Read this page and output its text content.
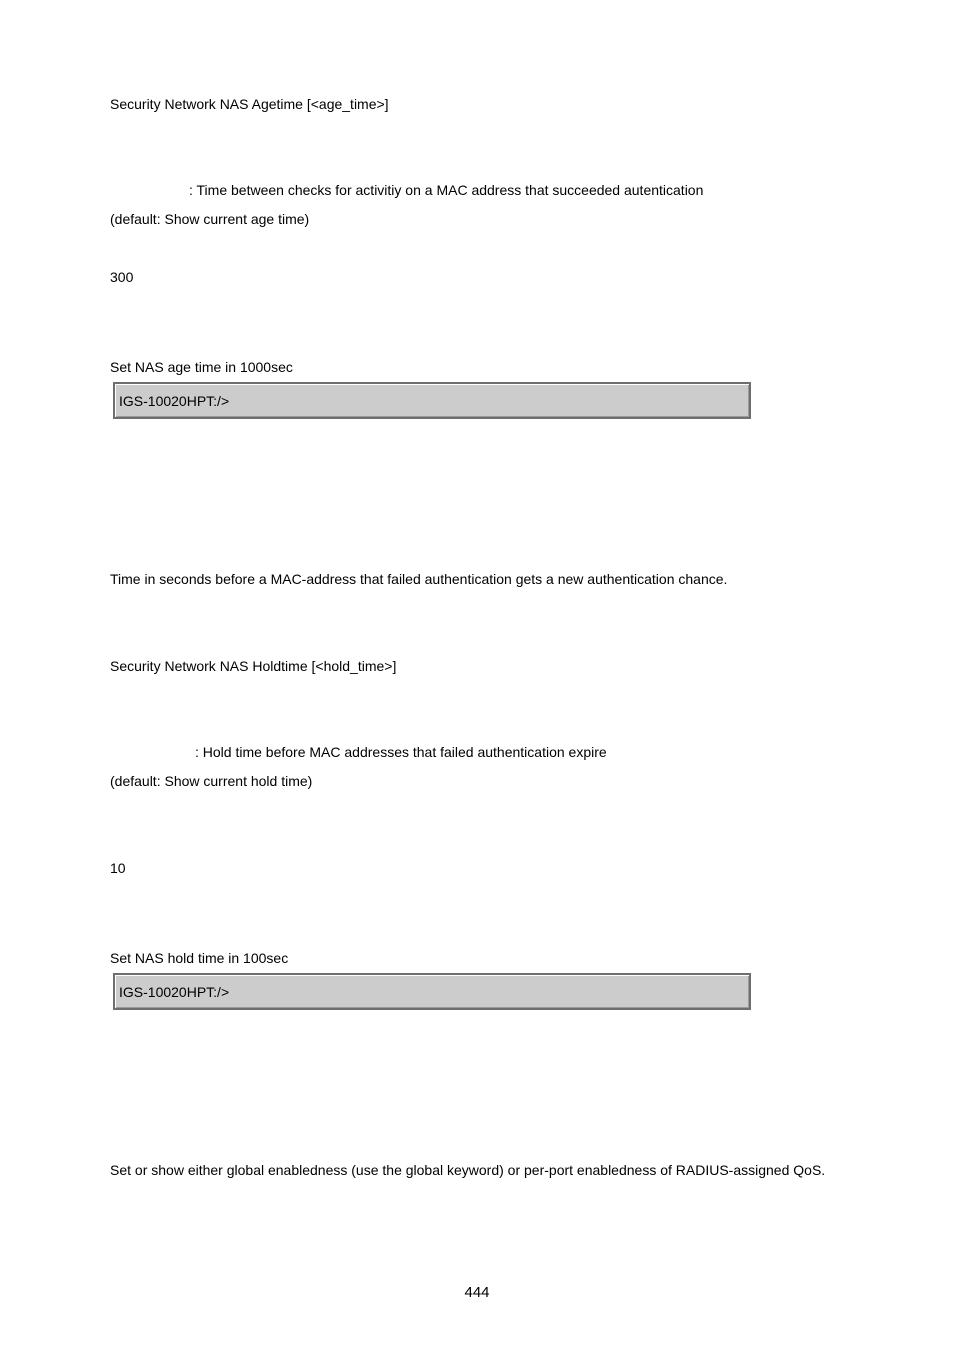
Security Network NAS Agetime [<age_time>]
: Time between checks for activitiy on a MAC address that succeeded autentication
(default: Show current age time)
300
Set NAS age time in 1000sec
IGS-10020HPT:/>
Time in seconds before a MAC-address that failed authentication gets a new authentication chance.
Security Network NAS Holdtime [<hold_time>]
: Hold time before MAC addresses that failed authentication expire
(default: Show current hold time)
10
Set NAS hold time in 100sec
IGS-10020HPT:/>
Set or show either global enabledness (use the global keyword) or per-port enabledness of RADIUS-assigned QoS.
444
